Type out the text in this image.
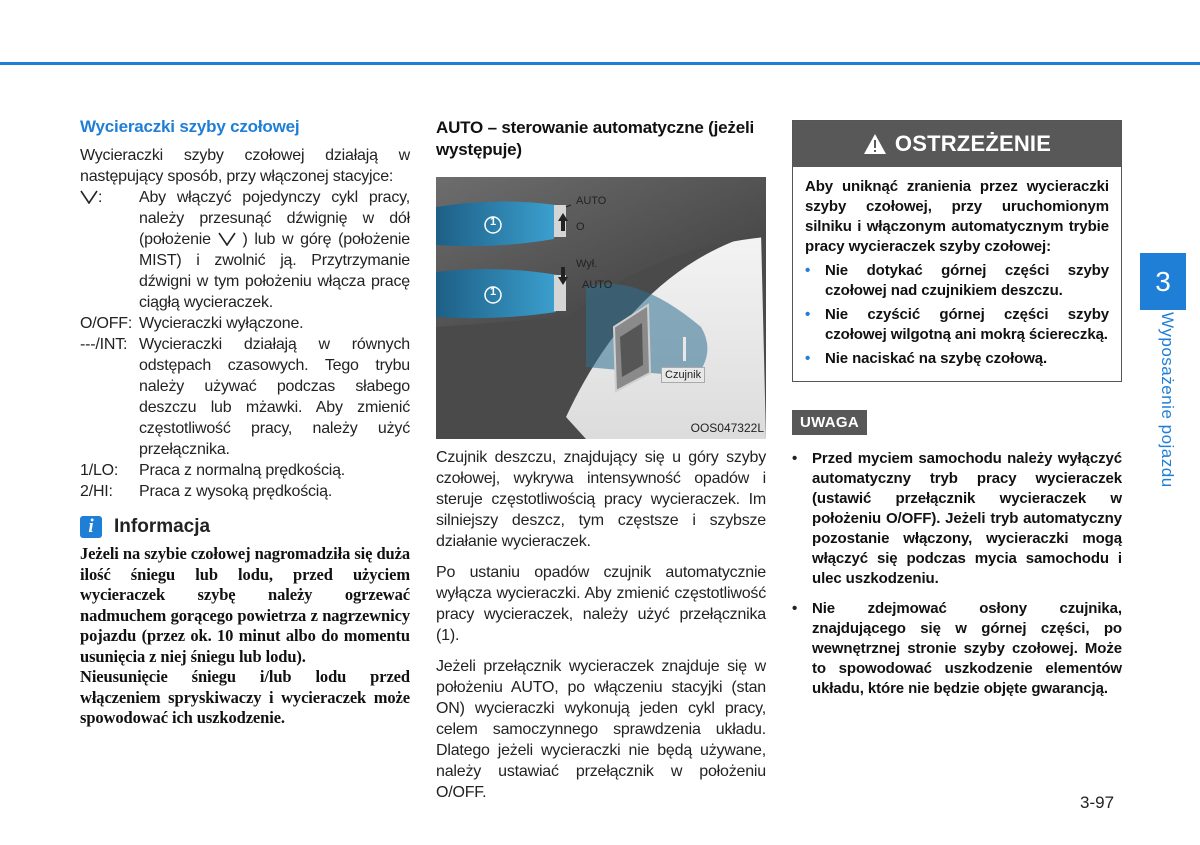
Wycieraczki szyby czołowej
Wycieraczki szyby czołowej działają w następujący sposób, przy włączonej stacyjce:
:	Aby włączyć pojedynczy cykl pracy, należy przesunąć dźwignię w dół (położenie ) lub w górę (położenie MIST) i zwolnić ją. Przytrzymanie dźwigni w tym położeniu włącza pracę ciągłą wycieraczek.
O/OFF: Wycieraczki wyłączone.
---/INT: Wycieraczki działają w równych odstępach czasowych. Tego trybu należy używać podczas słabego deszczu lub mżawki. Aby zmienić częstotliwość pracy, należy użyć przełącznika.
1/LO:	Praca z normalną prędkością.
2/HI:	Praca z wysoką prędkością.
i	Informacja
Jeżeli na szybie czołowej nagromadziła się duża ilość śniegu lub lodu, przed użyciem wycieraczek szybę należy ogrzewać nadmuchem gorącego powietrza z nagrzewnicy pojazdu (przez ok. 10 minut albo do momentu usunięcia z niej śniegu lub lodu).
Nieusunięcie śniegu i/lub lodu przed włączeniem spryskiwaczy i wycieraczek może spowodować ich uszkodzenie.
AUTO – sterowanie automatyczne (jeżeli występuje)
AUTO
O
Wył.
AUTO
Czujnik
1
1
OOS047322L
Czujnik deszczu, znajdujący się u góry szyby czołowej, wykrywa intensywność opadów i steruje częstotliwością pracy wycieraczek. Im silniejszy deszcz, tym częstsze i szybsze działanie wycieraczek.
Po ustaniu opadów czujnik automatycznie wyłącza wycieraczki. Aby zmienić częstotliwość pracy wycieraczek, należy użyć przełącznika (1).
Jeżeli przełącznik wycieraczek znajduje się w położeniu AUTO, po włączeniu stacyjki (stan ON) wycieraczki wykonują jeden cykl pracy, celem samoczynnego sprawdzenia układu. Dlatego jeżeli wycieraczki nie będą używane, należy ustawiać przełącznik w położeniu O/OFF.
OSTRZEŻENIE
Aby uniknąć zranienia przez wycieraczki szyby czołowej, przy uruchomionym silniku i włączonym automatycznym trybie pracy wycieraczek szyby czołowej:
• Nie dotykać górnej części szyby czołowej nad czujnikiem deszczu.
• Nie czyścić górnej części szyby czołowej wilgotną ani mokrą ściereczką.
• Nie naciskać na szybę czołową.
UWAGA
• Przed myciem samochodu należy wyłączyć automatyczny tryb pracy wycieraczek (ustawić przełącznik wycieraczek w położeniu O/OFF). Jeżeli tryb automatyczny pozostanie włączony, wycieraczki mogą włączyć się podczas mycia samochodu i ulec uszkodzeniu.
• Nie zdejmować osłony czujnika, znajdującego się w górnej części, po wewnętrznej stronie szyby czołowej. Może to spowodować uszkodzenie elementów układu, które nie będzie objęte gwarancją.
3
Wyposażenie pojazdu
3-97
